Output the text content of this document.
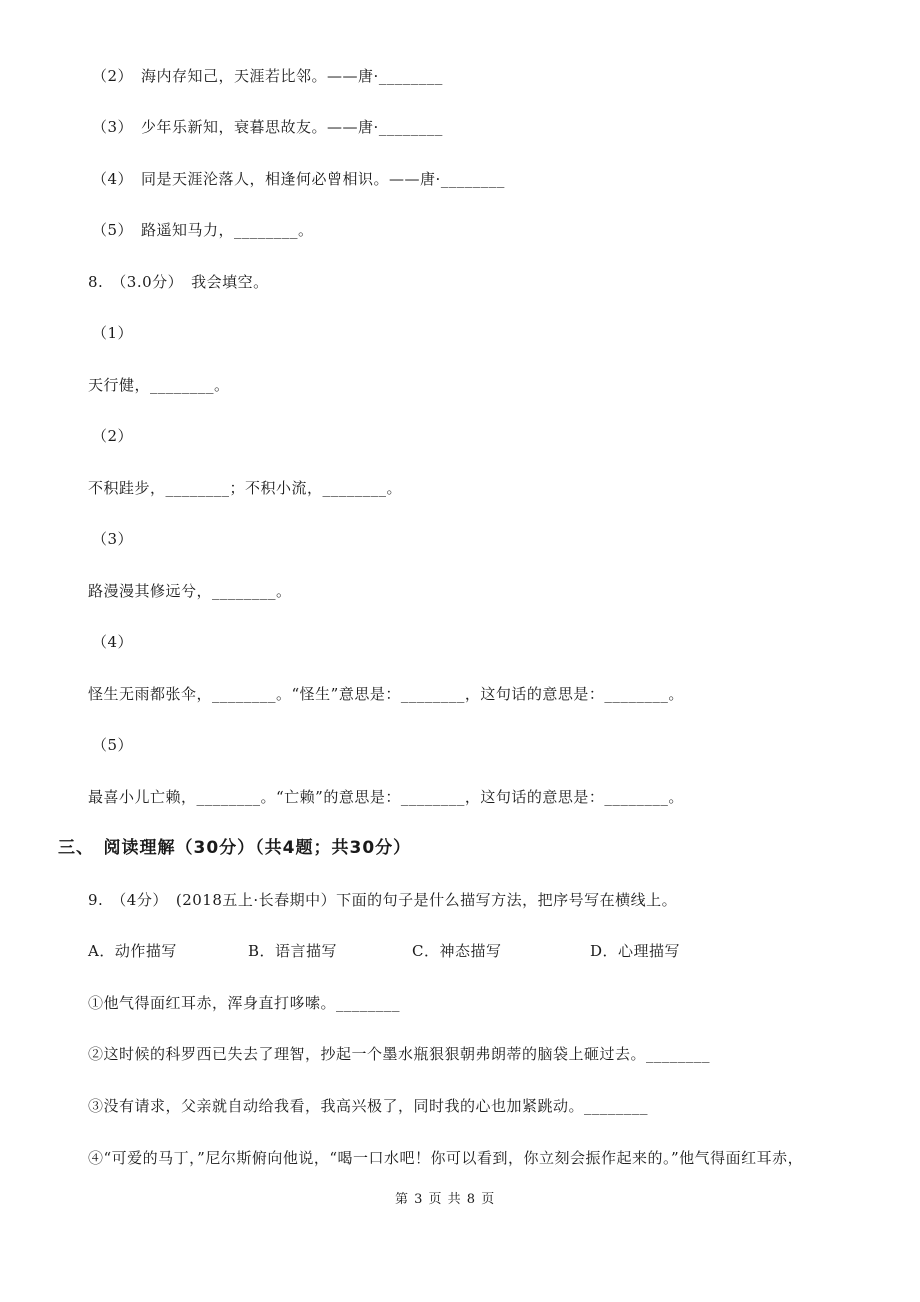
（2）　海内存知己，天涯若比邻。——唐·________
（3）　少年乐新知，衰暮思故友。——唐·________
（4）　同是天涯沦落人，相逢何必曾相识。——唐·________
（5）　路遥知马力，________。
8.　（3.0分）　我会填空。
（1）
天行健，________。
（2）
不积跬步，________；不积小流，________。
（3）
路漫漫其修远兮，________。
（4）
怪生无雨都张伞，________。“怪生”意思是：________，这句话的意思是：________。
（5）
最喜小儿亡赖，________。“亡赖”的意思是：________，这句话的意思是：________。
三、　阅读理解（30分）（共4题；共30分）
9.　（4分）　(2018五上·长春期中）下面的句子是什么描写方法，把序号写在横线上。
A．动作描写	B．语言描写	C．神态描写	D．心理描写
①他气得面红耳赤，浑身直打哆嗦。________
②这时候的科罗西已失去了理智，抄起一个墨水瓶狠狠朝弗朗蒂的脑袋上砸过去。________
③没有请求，父亲就自动给我看，我高兴极了，同时我的心也加紧跳动。________
④“可爱的马丁，”尼尔斯俯向他说，“喝一口水吧！你可以看到，你立刻会振作起来的。”他气得面红耳赤，
第 3 页 共 8 页
